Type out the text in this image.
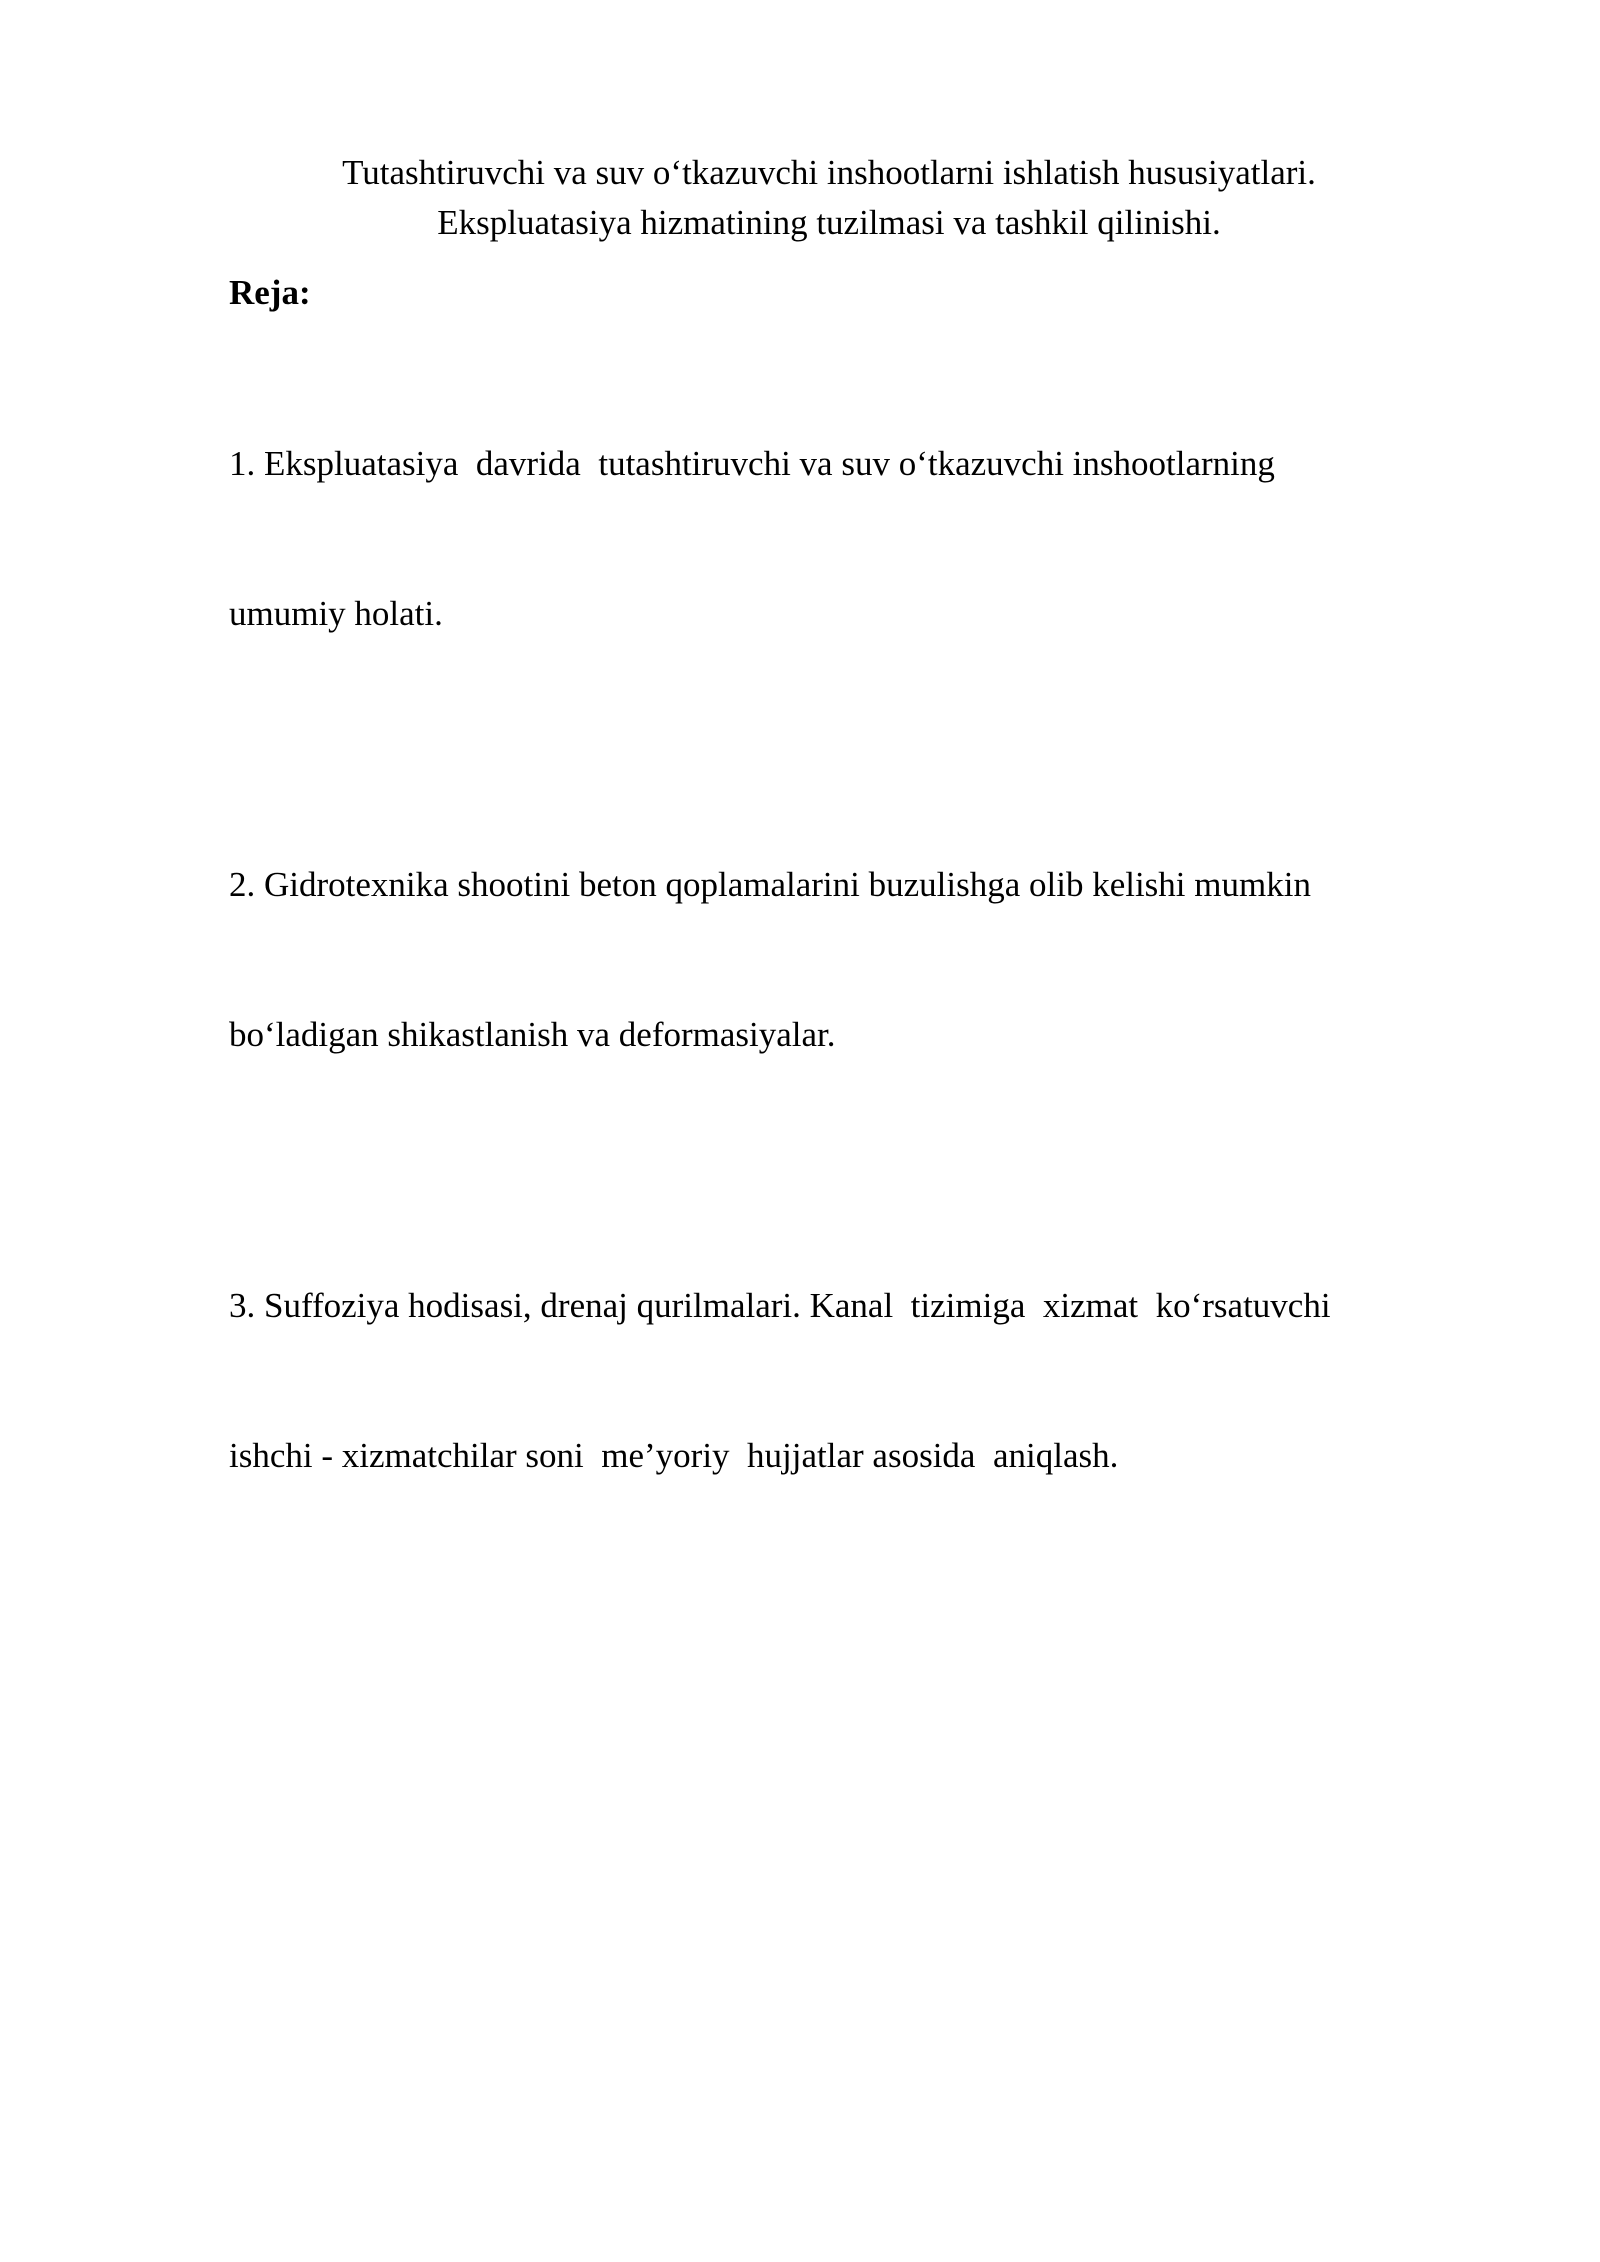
Tutashtiruvchi va suv o‘tkazuvchi inshootlarni ishlatish hususiyatlari.
Ekspluatasiya hizmatining tuzilmasi va tashkil qilinishi.
Reja:

1. Ekspluatasiya  davrida  tutashtiruvchi va suv o‘tkazuvchi inshootlarning

umumiy holati.

2. Gidrotexnika shootini beton qoplamalarini buzulishga olib kelishi mumkin

bo‘ladigan shikastlanish va deformasiyalar.

3. Suffoziya hodisasi, drenaj qurilmalari. Kanal  tizimiga  xizmat  ko‘rsatuvchi

ishchi - xizmatchilar soni  me’yoriy  hujjatlar asosida  aniqlash.
